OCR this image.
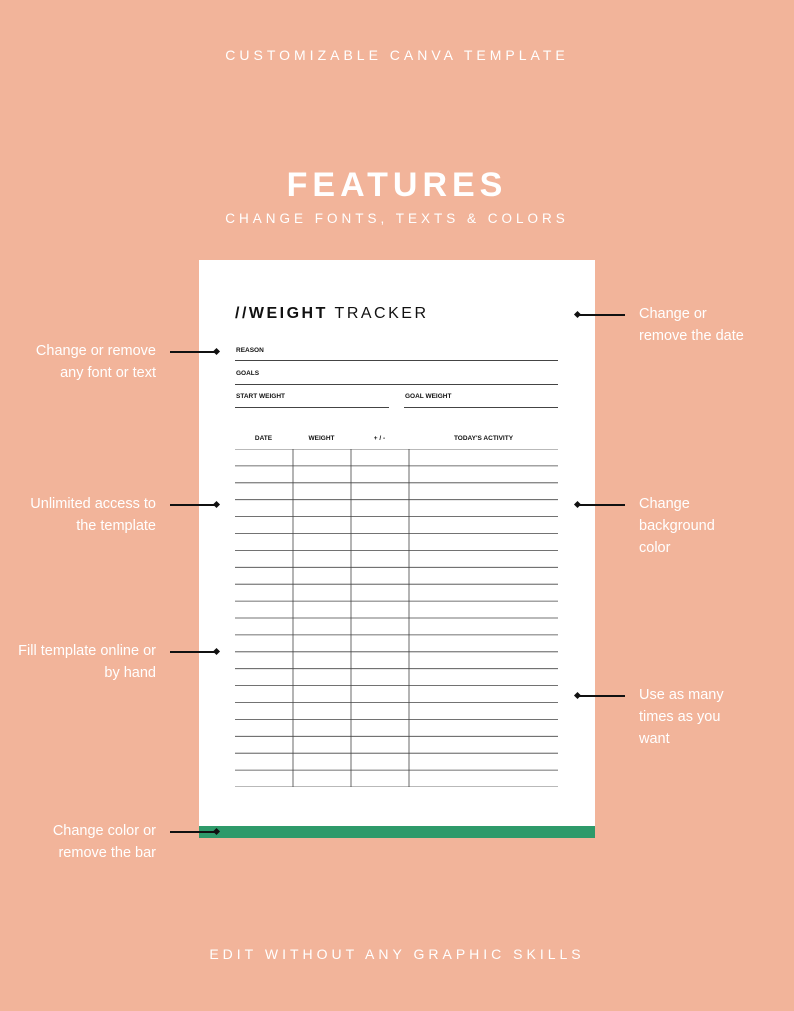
CUSTOMIZABLE CANVA TEMPLATE
FEATURES
CHANGE FONTS, TEXTS & COLORS
//WEIGHT TRACKER
REASON
GOALS
START WEIGHT	GOAL WEIGHT
DATE	WEIGHT	+ / -	TODAY'S ACTIVITY
Change or remove any font or text
Unlimited access to the template
Fill template online or by hand
Change color or remove the bar
Change or remove the date
Change background color
Use as many times as you want
EDIT WITHOUT ANY GRAPHIC SKILLS
